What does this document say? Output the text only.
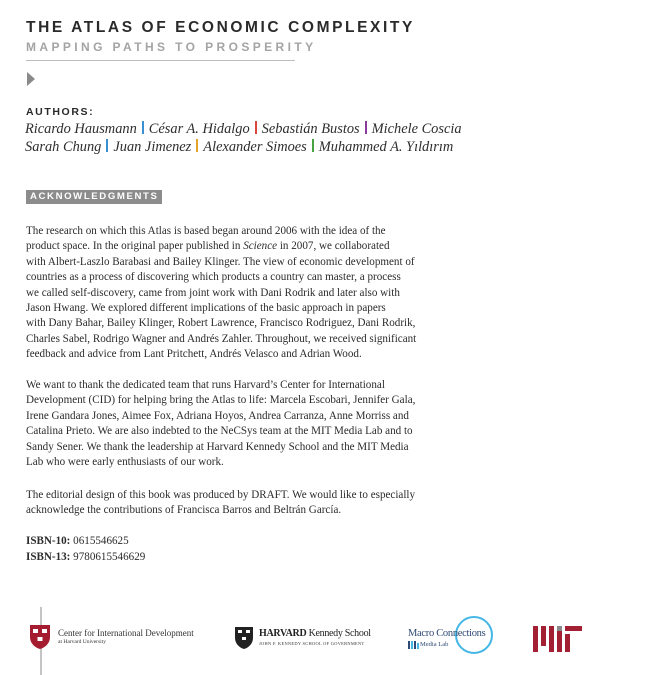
THE ATLAS OF ECONOMIC COMPLEXITY
MAPPING PATHS TO PROSPERITY
AUTHORS:
Ricardo Hausmann César A. Hidalgo Sebastián Bustos Michele Coscia
Sarah Chung Juan Jimenez Alexander Simoes Muhammed A. Yıldırım
ACKNOWLEDGMENTS

The research on which this Atlas is based began around 2006 with the idea of the
product space. In the original paper published in Science in 2007, we collaborated
with Albert-Laszlo Barabasi and Bailey Klinger. The view of economic development of
countries as a process of discovering which products a country can master, a process
we called self-discovery, came from joint work with Dani Rodrik and later also with
Jason Hwang. We explored different implications of the basic approach in papers
with Dany Bahar, Bailey Klinger, Robert Lawrence, Francisco Rodriguez, Dani Rodrik,
Charles Sabel, Rodrigo Wagner and Andrés Zahler. Throughout, we received significant
feedback and advice from Lant Pritchett, Andrés Velasco and Adrian Wood.

We want to thank the dedicated team that runs Harvard’s Center for International
Development (CID) for helping bring the Atlas to life: Marcela Escobari, Jennifer Gala,
Irene Gandara Jones, Aimee Fox, Adriana Hoyos, Andrea Carranza, Anne Morriss and
Catalina Prieto. We are also indebted to the NeCSys team at the MIT Media Lab and to
Sandy Sener. We thank the leadership at Harvard Kennedy School and the MIT Media
Lab who were early enthusiasts of our work.

The editorial design of this book was produced by DRAFT. We would like to especially
acknowledge the contributions of Francisca Barros and Beltrán García.

ISBN-10: 0615546625
ISBN-13: 9780615546629
Center for International Development
at Harvard University
HARVARD Kennedy School
JOHN F. KENNEDY SCHOOL OF GOVERNMENT
Macro Connections
Media Lab
